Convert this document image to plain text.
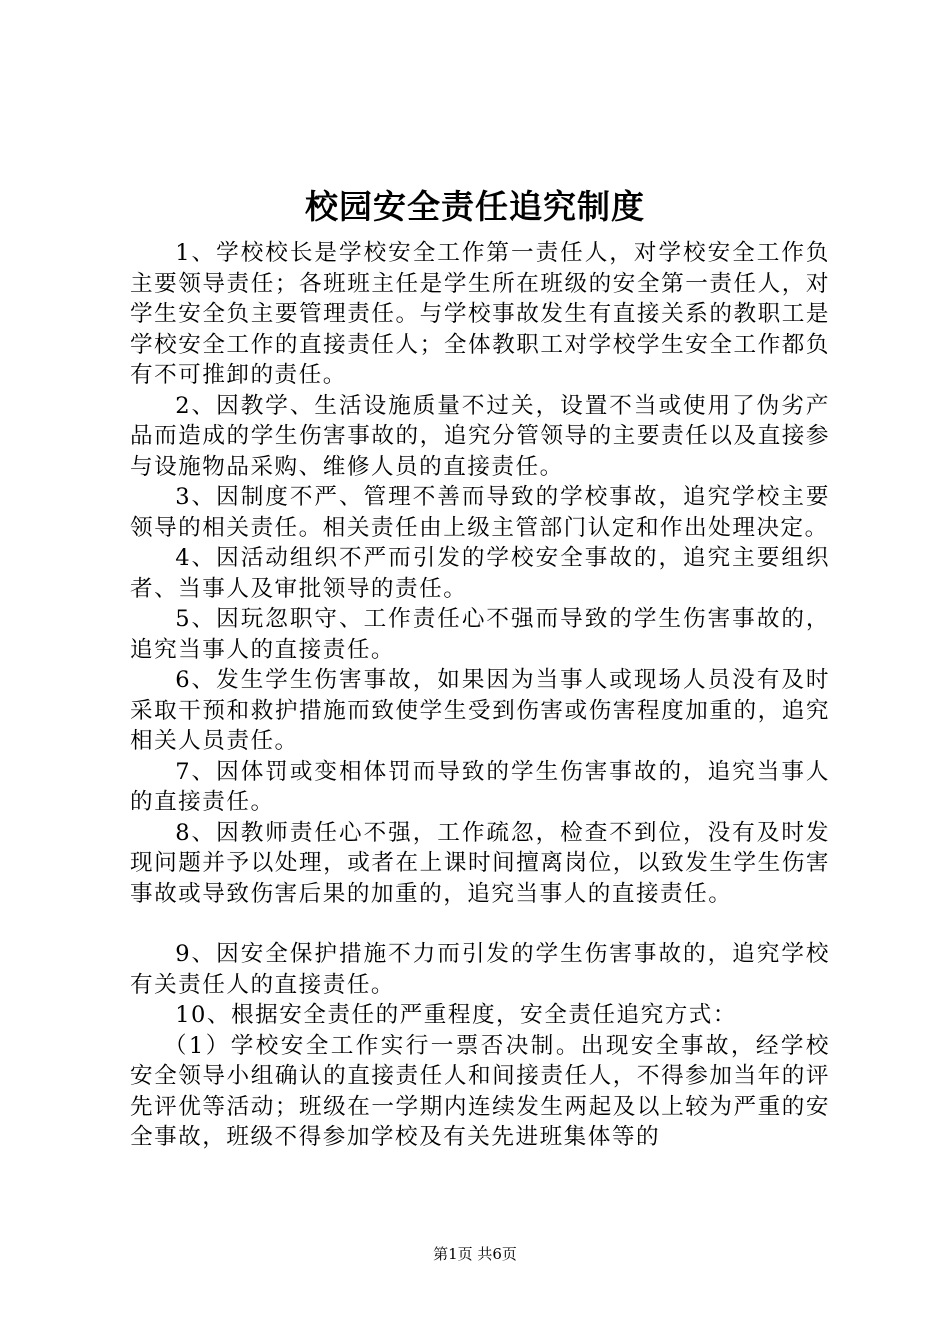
校园安全责任追究制度

1、学校校长是学校安全工作第一责任人，对学校安全工作负主要领导责任；各班班主任是学生所在班级的安全第一责任人，对学生安全负主要管理责任。与学校事故发生有直接关系的教职工是学校安全工作的直接责任人；全体教职工对学校学生安全工作都负有不可推卸的责任。

2、因教学、生活设施质量不过关，设置不当或使用了伪劣产品而造成的学生伤害事故的，追究分管领导的主要责任以及直接参与设施物品采购、维修人员的直接责任。

3、因制度不严、管理不善而导致的学校事故，追究学校主要领导的相关责任。相关责任由上级主管部门认定和作出处理决定。

4、因活动组织不严而引发的学校安全事故的，追究主要组织者、当事人及审批领导的责任。

5、因玩忽职守、工作责任心不强而导致的学生伤害事故的，追究当事人的直接责任。

6、发生学生伤害事故，如果因为当事人或现场人员没有及时采取干预和救护措施而致使学生受到伤害或伤害程度加重的，追究相关人员责任。

7、因体罚或变相体罚而导致的学生伤害事故的，追究当事人的直接责任。

8、因教师责任心不强，工作疏忽，检查不到位，没有及时发现问题并予以处理，或者在上课时间擅离岗位，以致发生学生伤害事故或导致伤害后果的加重的，追究当事人的直接责任。

9、因安全保护措施不力而引发的学生伤害事故的，追究学校有关责任人的直接责任。

10、根据安全责任的严重程度，安全责任追究方式：

（1）学校安全工作实行一票否决制。出现安全事故，经学校安全领导小组确认的直接责任人和间接责任人，不得参加当年的评先评优等活动；班级在一学期内连续发生两起及以上较为严重的安全事故，班级不得参加学校及有关先进班集体等的

第1页 共6页
